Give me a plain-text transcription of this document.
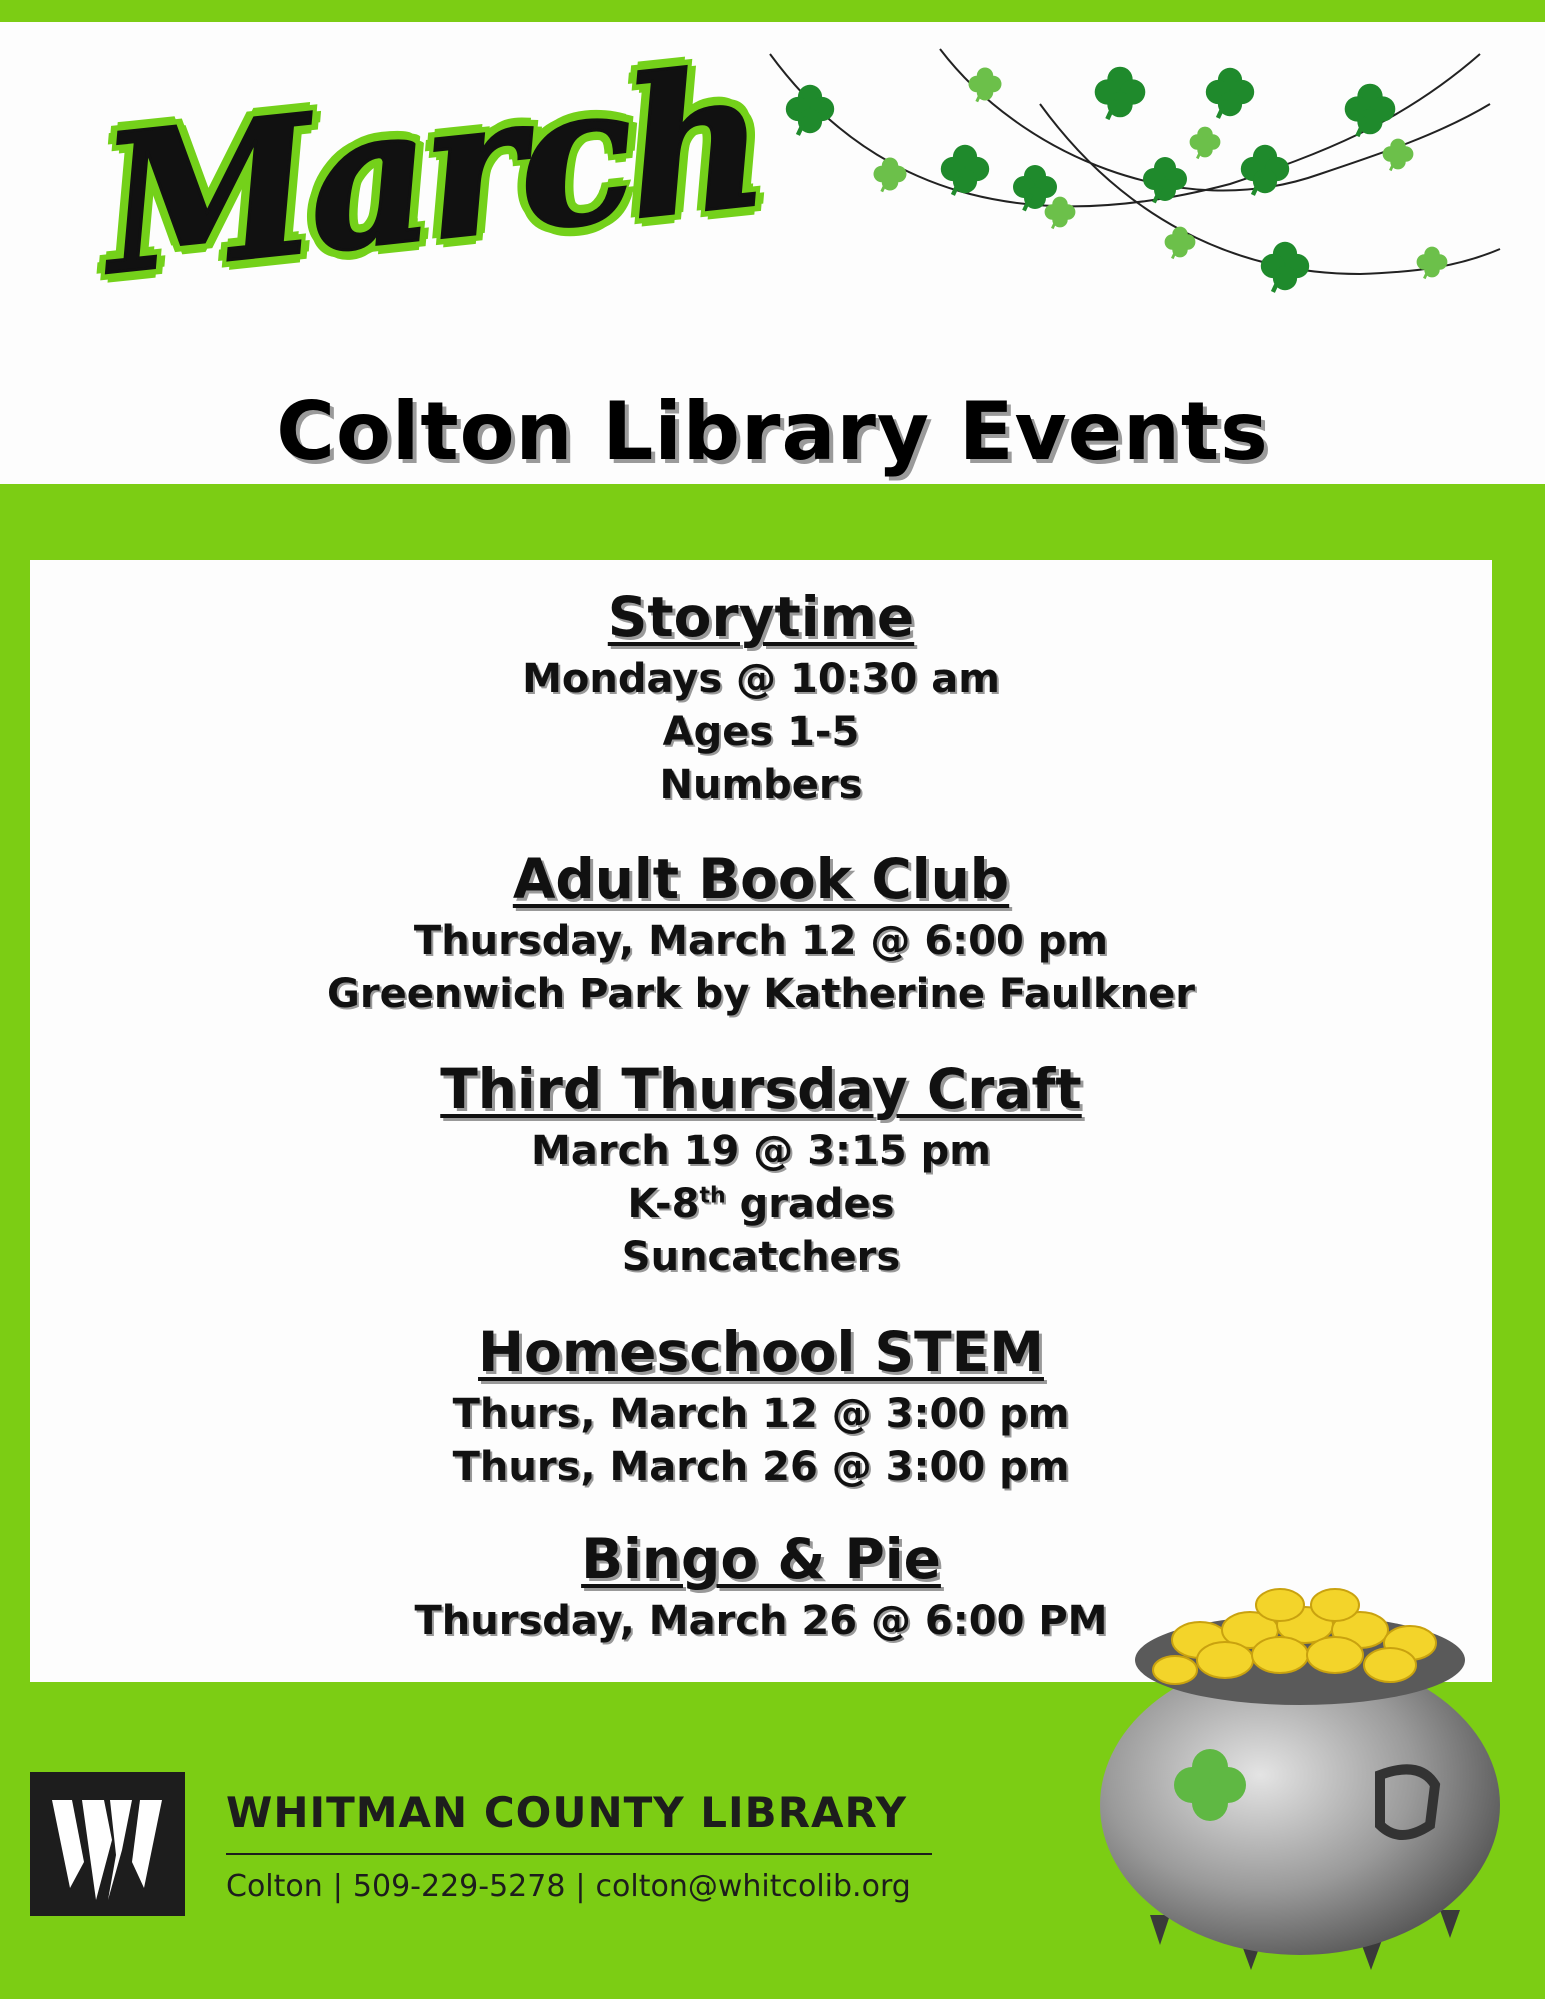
March
Colton Library Events
Storytime
Mondays @ 10:30 am
Ages 1-5
Numbers
Adult Book Club
Thursday, March 12 @ 6:00 pm
Greenwich Park by Katherine Faulkner
Third Thursday Craft
March 19 @ 3:15 pm
K-8th grades
Suncatchers
Homeschool STEM
Thurs, March 12 @ 3:00 pm
Thurs, March 26 @ 3:00 pm
Bingo & Pie
Thursday, March 26 @ 6:00 PM
WHITMAN COUNTY LIBRARY
Colton | 509-229-5278 | colton@whitcolib.org
